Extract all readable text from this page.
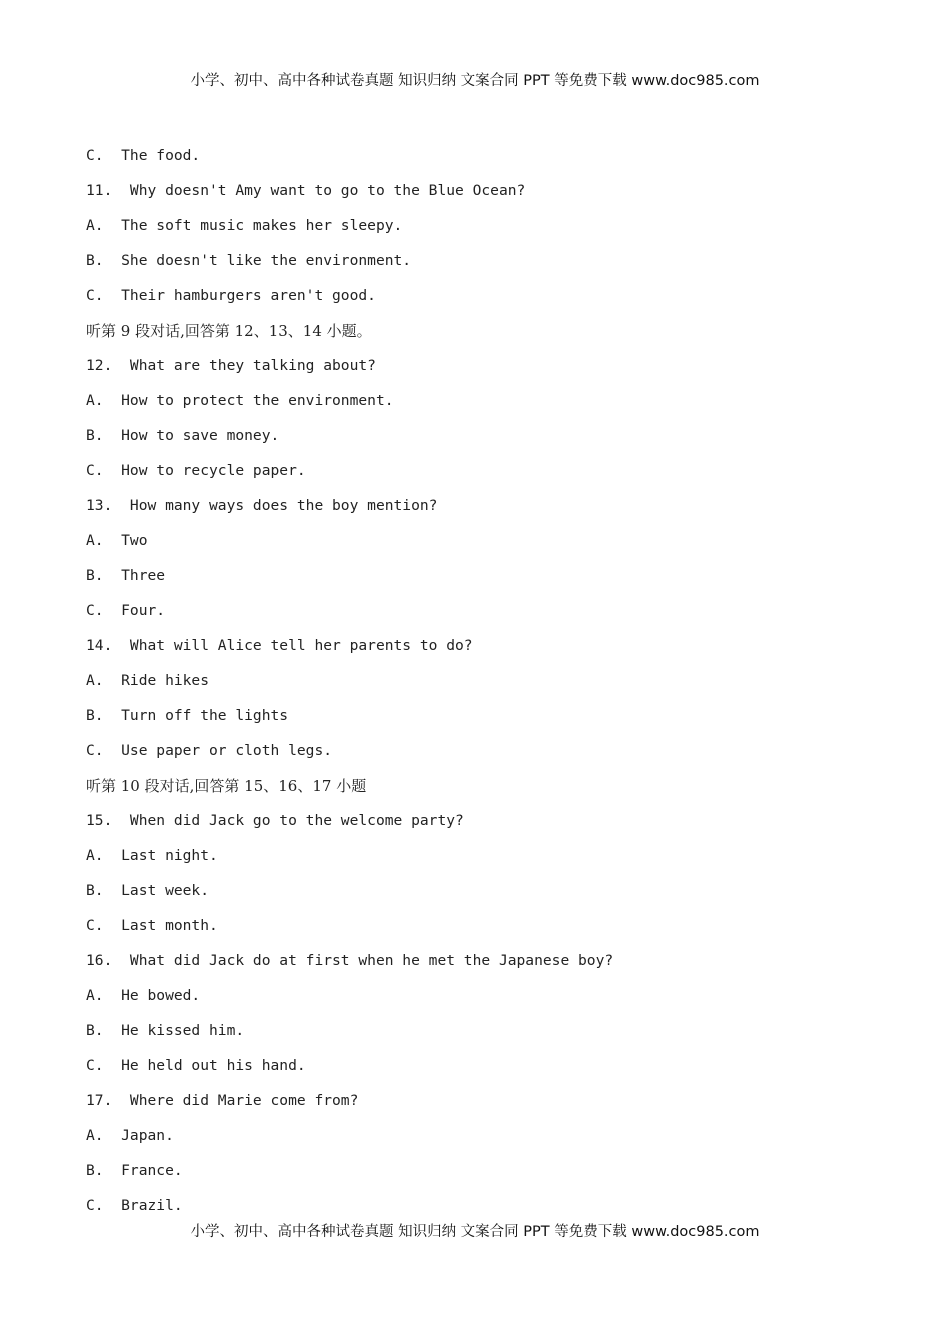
小学、初中、高中各种试卷真题 知识归纳 文案合同 PPT 等免费下载 www.doc985.com
C.  The food.
11.  Why doesn't Amy want to go to the Blue Ocean?
A.  The soft music makes her sleepy.
B.  She doesn't like the environment.
C.  Their hamburgers aren't good.
听第 9 段对话,回答第 12、13、14 小题。
12.  What are they talking about?
A.  How to protect the environment.
B.  How to save money.
C.  How to recycle paper.
13.  How many ways does the boy mention?
A.  Two
B.  Three
C.  Four.
14.  What will Alice tell her parents to do?
A.  Ride hikes
B.  Turn off the lights
C.  Use paper or cloth legs.
听第 10 段对话,回答第 15、16、17 小题
15.  When did Jack go to the welcome party?
A.  Last night.
B.  Last week.
C.  Last month.
16.  What did Jack do at first when he met the Japanese boy?
A.  He bowed.
B.  He kissed him.
C.  He held out his hand.
17.  Where did Marie come from?
A.  Japan.
B.  France.
C.  Brazil.
小学、初中、高中各种试卷真题 知识归纳 文案合同 PPT 等免费下载 www.doc985.com
